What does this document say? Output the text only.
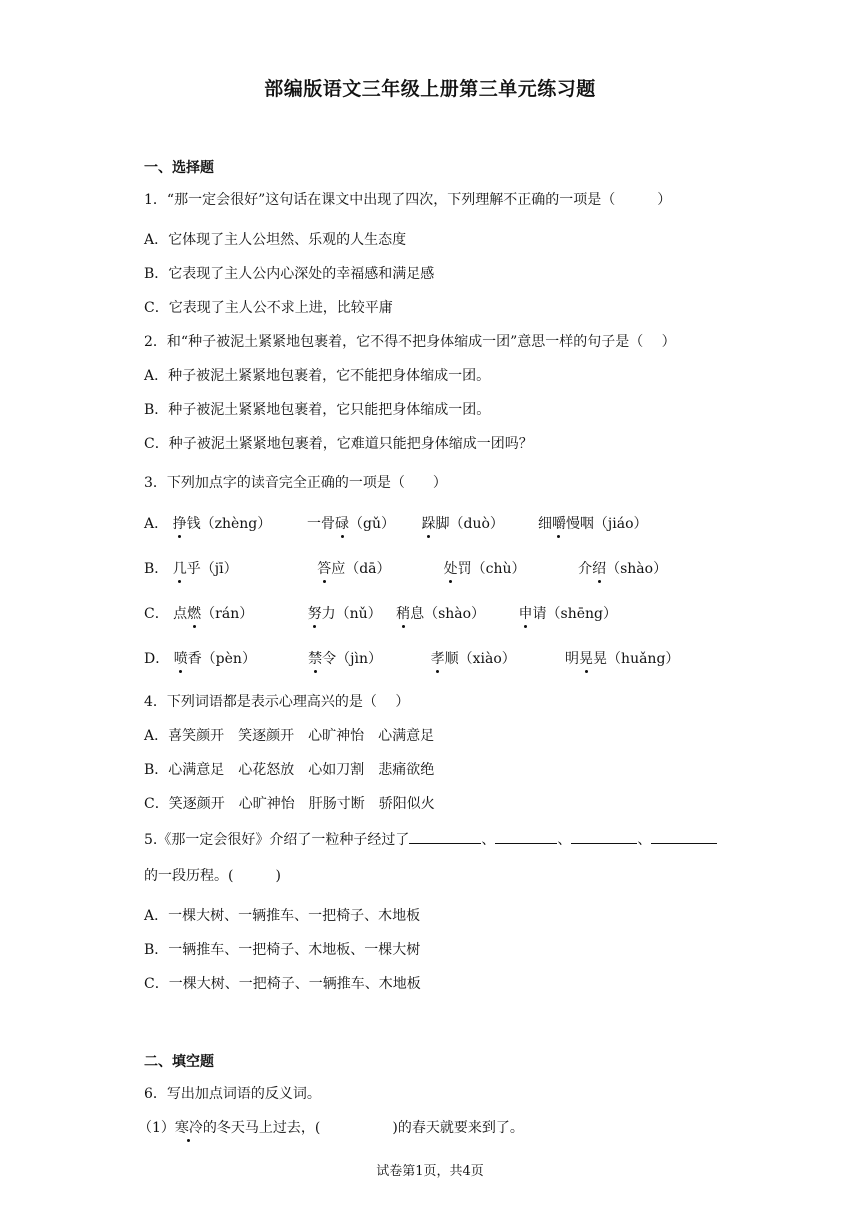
部编版语文三年级上册第三单元练习题
一、选择题
1．“那一定会很好”这句话在课文中出现了四次，下列理解不正确的一项是（　　　）
A．它体现了主人公坦然、乐观的人生态度
B．它表现了主人公内心深处的幸福感和满足感
C．它表现了主人公不求上进，比较平庸
2．和“种子被泥土紧紧地包裹着，它不得不把身体缩成一团”意思一样的句子是（　 ）
A．种子被泥土紧紧地包裹着，它不能把身体缩成一团。
B．种子被泥土紧紧地包裹着，它只能把身体缩成一团。
C．种子被泥土紧紧地包裹着，它难道只能把身体缩成一团吗？
3．下列加点字的读音完全正确的一项是（　　）
A． 挣钱（zhèng）	一骨碌（gǔ） 跺脚（duò） 细嚼慢咽（jiáo）
B． 几乎（jī）	答应（dā）	处罚（chù）	介绍（shào）
C． 点燃（rán）	努力（nǔ） 稍息（shào） 申请（shēng）
D． 喷香（pèn）	禁令（jìn）	孝顺（xiào）	明晃晃（huǎng）
4．下列词语都是表示心理高兴的是（　 ）
A．喜笑颜开　笑逐颜开　心旷神怡　心满意足
B．心满意足　心花怒放　心如刀割　悲痛欲绝
C．笑逐颜开　心旷神怡　肝肠寸断　骄阳似火
5.《那一定会很好》介绍了一粒种子经过了	、	、	、
的一段历程。(　　　)
A．一棵大树、一辆推车、一把椅子、木地板
B．一辆推车、一把椅子、木地板、一棵大树
C．一棵大树、一把椅子、一辆推车、木地板
二、填空题
6．写出加点词语的反义词。
（1）寒冷的冬天马上过去，(	)的春天就要来到了。
试卷第1页，共4页
